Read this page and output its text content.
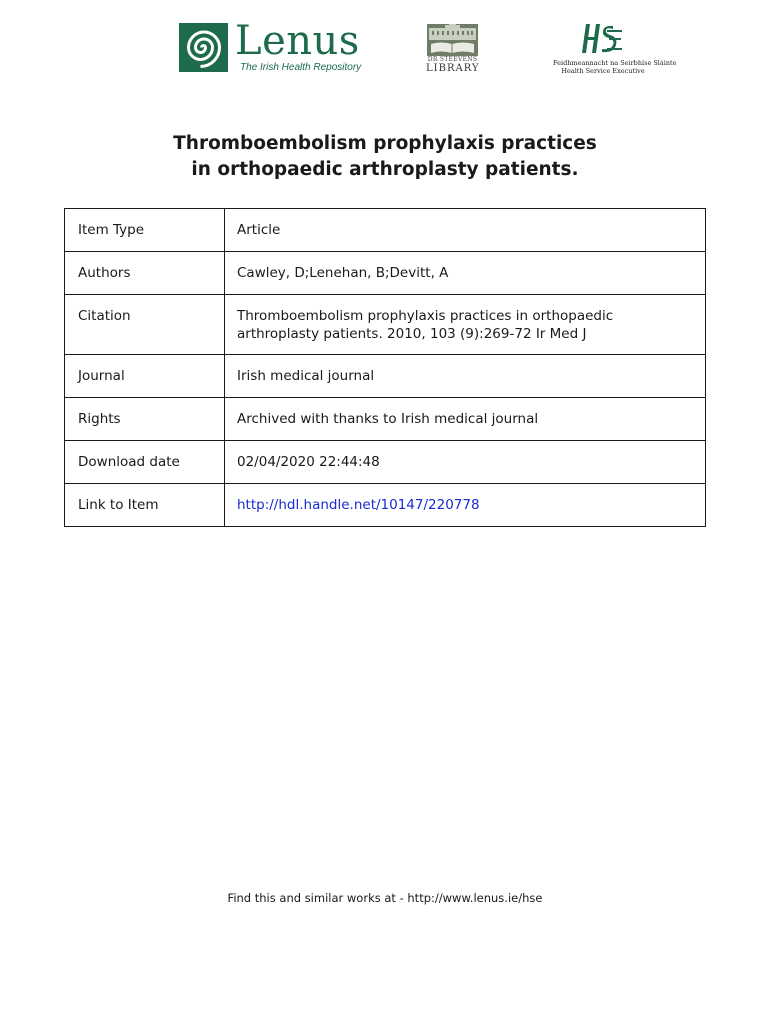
Lenus
The Irish Health Repository
DR STEEVENS
LIBRARY	Feidhmeannacht na Seirbhíse Sláinte
Health Service Executive
Thromboembolism prophylaxis practices
in orthopaedic arthroplasty patients.
Item Type	Article
Authors	Cawley, D;Lenehan, B;Devitt, A
Citation	Thromboembolism prophylaxis practices in orthopaedic
arthroplasty patients. 2010, 103 (9):269-72 Ir Med J

Journal	Irish medical journal
Rights	Archived with thanks to Irish medical journal
Download date	02/04/2020 22:44:48
Link to Item	http://hdl.handle.net/10147/220778
Find this and similar works at - http://www.lenus.ie/hse
